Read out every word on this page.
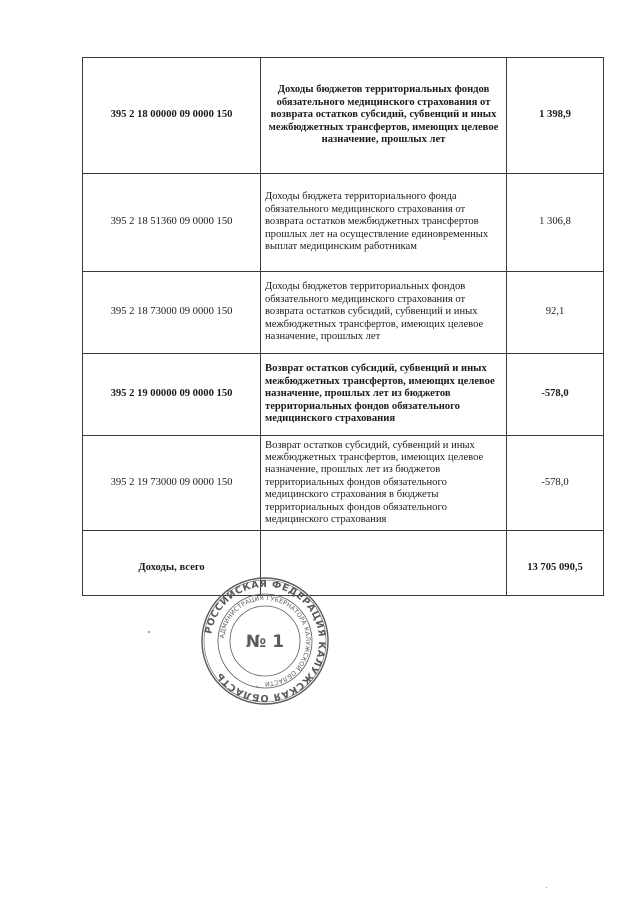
395 2 18 00000 09 0000 150	Доходы бюджетов территориальных фондов обязательного медицинского страхования от возврата остатков субсидий, субвенций и иных межбюджетных трансфертов, имеющих целевое назначение, прошлых лет	1 398,9
395 2 18 51360 09 0000 150	Доходы бюджета территориального фонда обязательного медицинского страхования от возврата остатков межбюджетных трансфертов прошлых лет на осуществление единовременных выплат медицинским работникам	1 306,8
395 2 18 73000 09 0000 150	Доходы бюджетов территориальных фондов обязательного медицинского страхования от возврата остатков субсидий, субвенций и иных межбюджетных трансфертов, имеющих целевое назначение, прошлых лет	92,1
395 2 19 00000 09 0000 150	Возврат остатков субсидий, субвенций и иных межбюджетных трансфертов, имеющих целевое назначение, прошлых лет из бюджетов территориальных фондов обязательного медицинского страхования	-578,0
395 2 19 73000 09 0000 150	Возврат остатков субсидий, субвенций и иных межбюджетных трансфертов, имеющих целевое назначение, прошлых лет из бюджетов территориальных фондов обязательного медицинского страхования в бюджеты территориальных фондов обязательного медицинского страхования	-578,0
Доходы, всего		13 705 090,5
РОССИЙСКАЯ ФЕДЕРАЦИЯ КАЛУЖСКАЯ ОБЛАСТЬ
АДМИНИСТРАЦИЯ ГУБЕРНАТОРА КАЛУЖСКОЙ ОБЛАСТИ
№ 1
